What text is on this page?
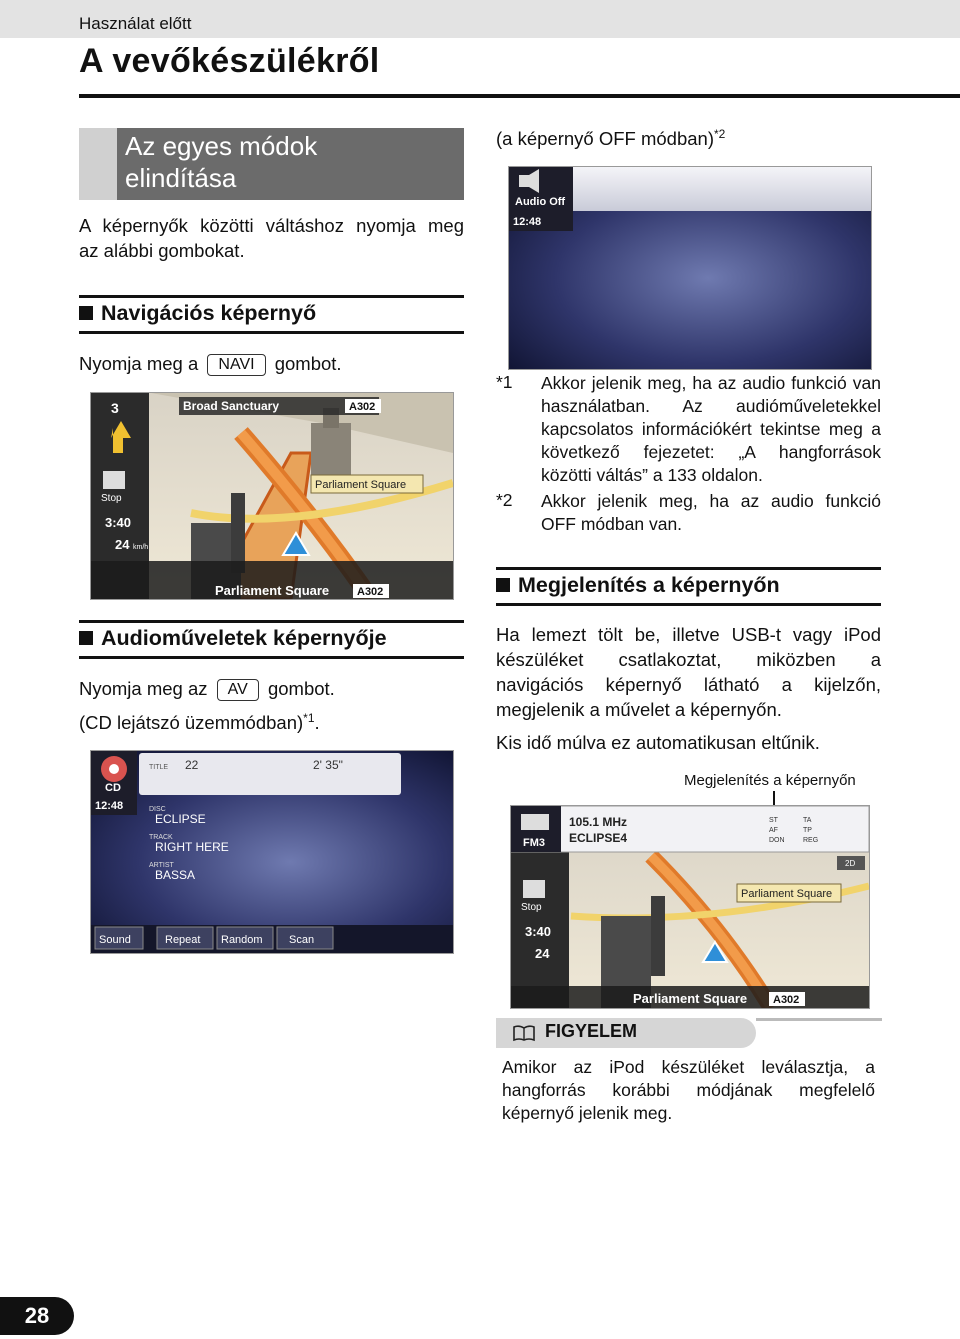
Használat előtt
A vevőkészülékről
Az egyes módok
elindítása
A képernyők közötti váltáshoz nyomja meg
az alábbi gombokat.
Navigációs képernyő
Nyomja meg a NAVI gombot.
Broad Sanctuary	A302
3
Parliament Square
Stop
3:40
24 km/h
Parliament Square	A302
Audioműveletek képernyője
Nyomja meg az AV gombot.
(CD lejátszó üzemmódban)$^{*1}$.
CD
12:48
TITLE 22	2' 35"
DISC
ECLIPSE
TRACK
RIGHT HERE
ARTIST
BASSA
Sound	Repeat Random Scan
(a képernyő OFF módban)$^{*2}$
Audio Off
12:48
*1 Akkor jelenik meg, ha az audio funkció van
használatban. Az audióműveletekkel
kapcsolatos információkért tekintse meg a
következő fejezetet: „A hangforrások
közötti váltás” a 133 oldalon.
*2 Akkor jelenik meg, ha az audio funkció
OFF módban van.
Megjelenítés a képernyőn
Ha lemezt tölt be, illetve USB-t vagy iPod
készüléket csatlakoztat, miközben a
navigációs képernyő látható a kijelzőn,
megjelenik a művelet a képernyőn.
Kis idő múlva ez automatikusan eltűnik.
Megjelenítés a képernyőn
FM3
105.1 MHz
ECLIPSE4
ST
AF
DON
TA
TP
REG
2D
Parliament Square
Stop
3:40
24
Parliament Square A302
FIGYELEM
Amikor az iPod készüléket leválasztja, a
hangforrás korábbi módjának megfelelő
képernyő jelenik meg.
28
